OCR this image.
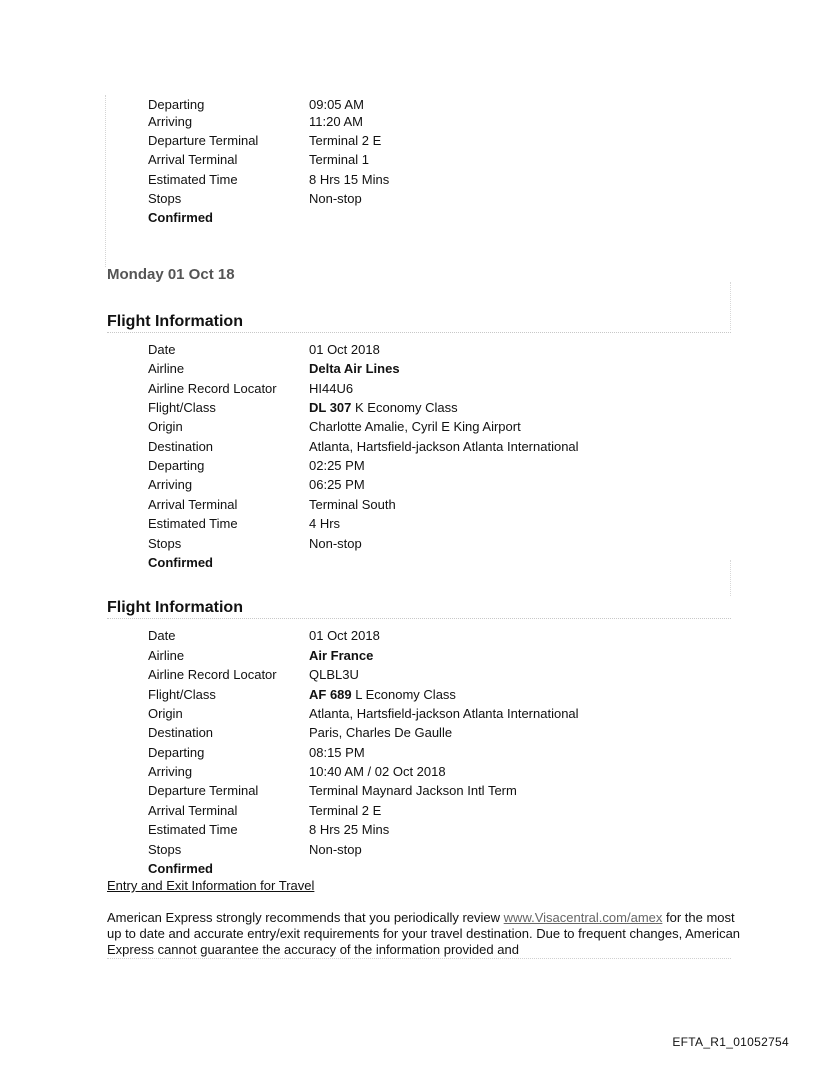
Departing	09:05 AM
Arriving	11:20 AM
Departure Terminal	Terminal 2 E
Arrival Terminal	Terminal 1
Estimated Time	8 Hrs 15 Mins
Stops	Non-stop
Confirmed
Monday 01 Oct 18
Flight Information
Date	01 Oct 2018
Airline	Delta Air Lines
Airline Record Locator	HI44U6
Flight/Class	DL 307 K Economy Class
Origin	Charlotte Amalie, Cyril E King Airport
Destination	Atlanta, Hartsfield-jackson Atlanta International
Departing	02:25 PM
Arriving	06:25 PM
Arrival Terminal	Terminal South
Estimated Time	4 Hrs
Stops	Non-stop
Confirmed
Flight Information
Date	01 Oct 2018
Airline	Air France
Airline Record Locator	QLBL3U
Flight/Class	AF 689 L Economy Class
Origin	Atlanta, Hartsfield-jackson Atlanta International
Destination	Paris, Charles De Gaulle
Departing	08:15 PM
Arriving	10:40 AM / 02 Oct 2018
Departure Terminal	Terminal Maynard Jackson Intl Term
Arrival Terminal	Terminal 2 E
Estimated Time	8 Hrs 25 Mins
Stops	Non-stop
Confirmed
Entry and Exit Information for Travel
American Express strongly recommends that you periodically review www.Visacentral.com/amex for the most up to date and accurate entry/exit requirements for your travel destination. Due to frequent changes, American Express cannot guarantee the accuracy of the information provided and
EFTA_R1_01052754
